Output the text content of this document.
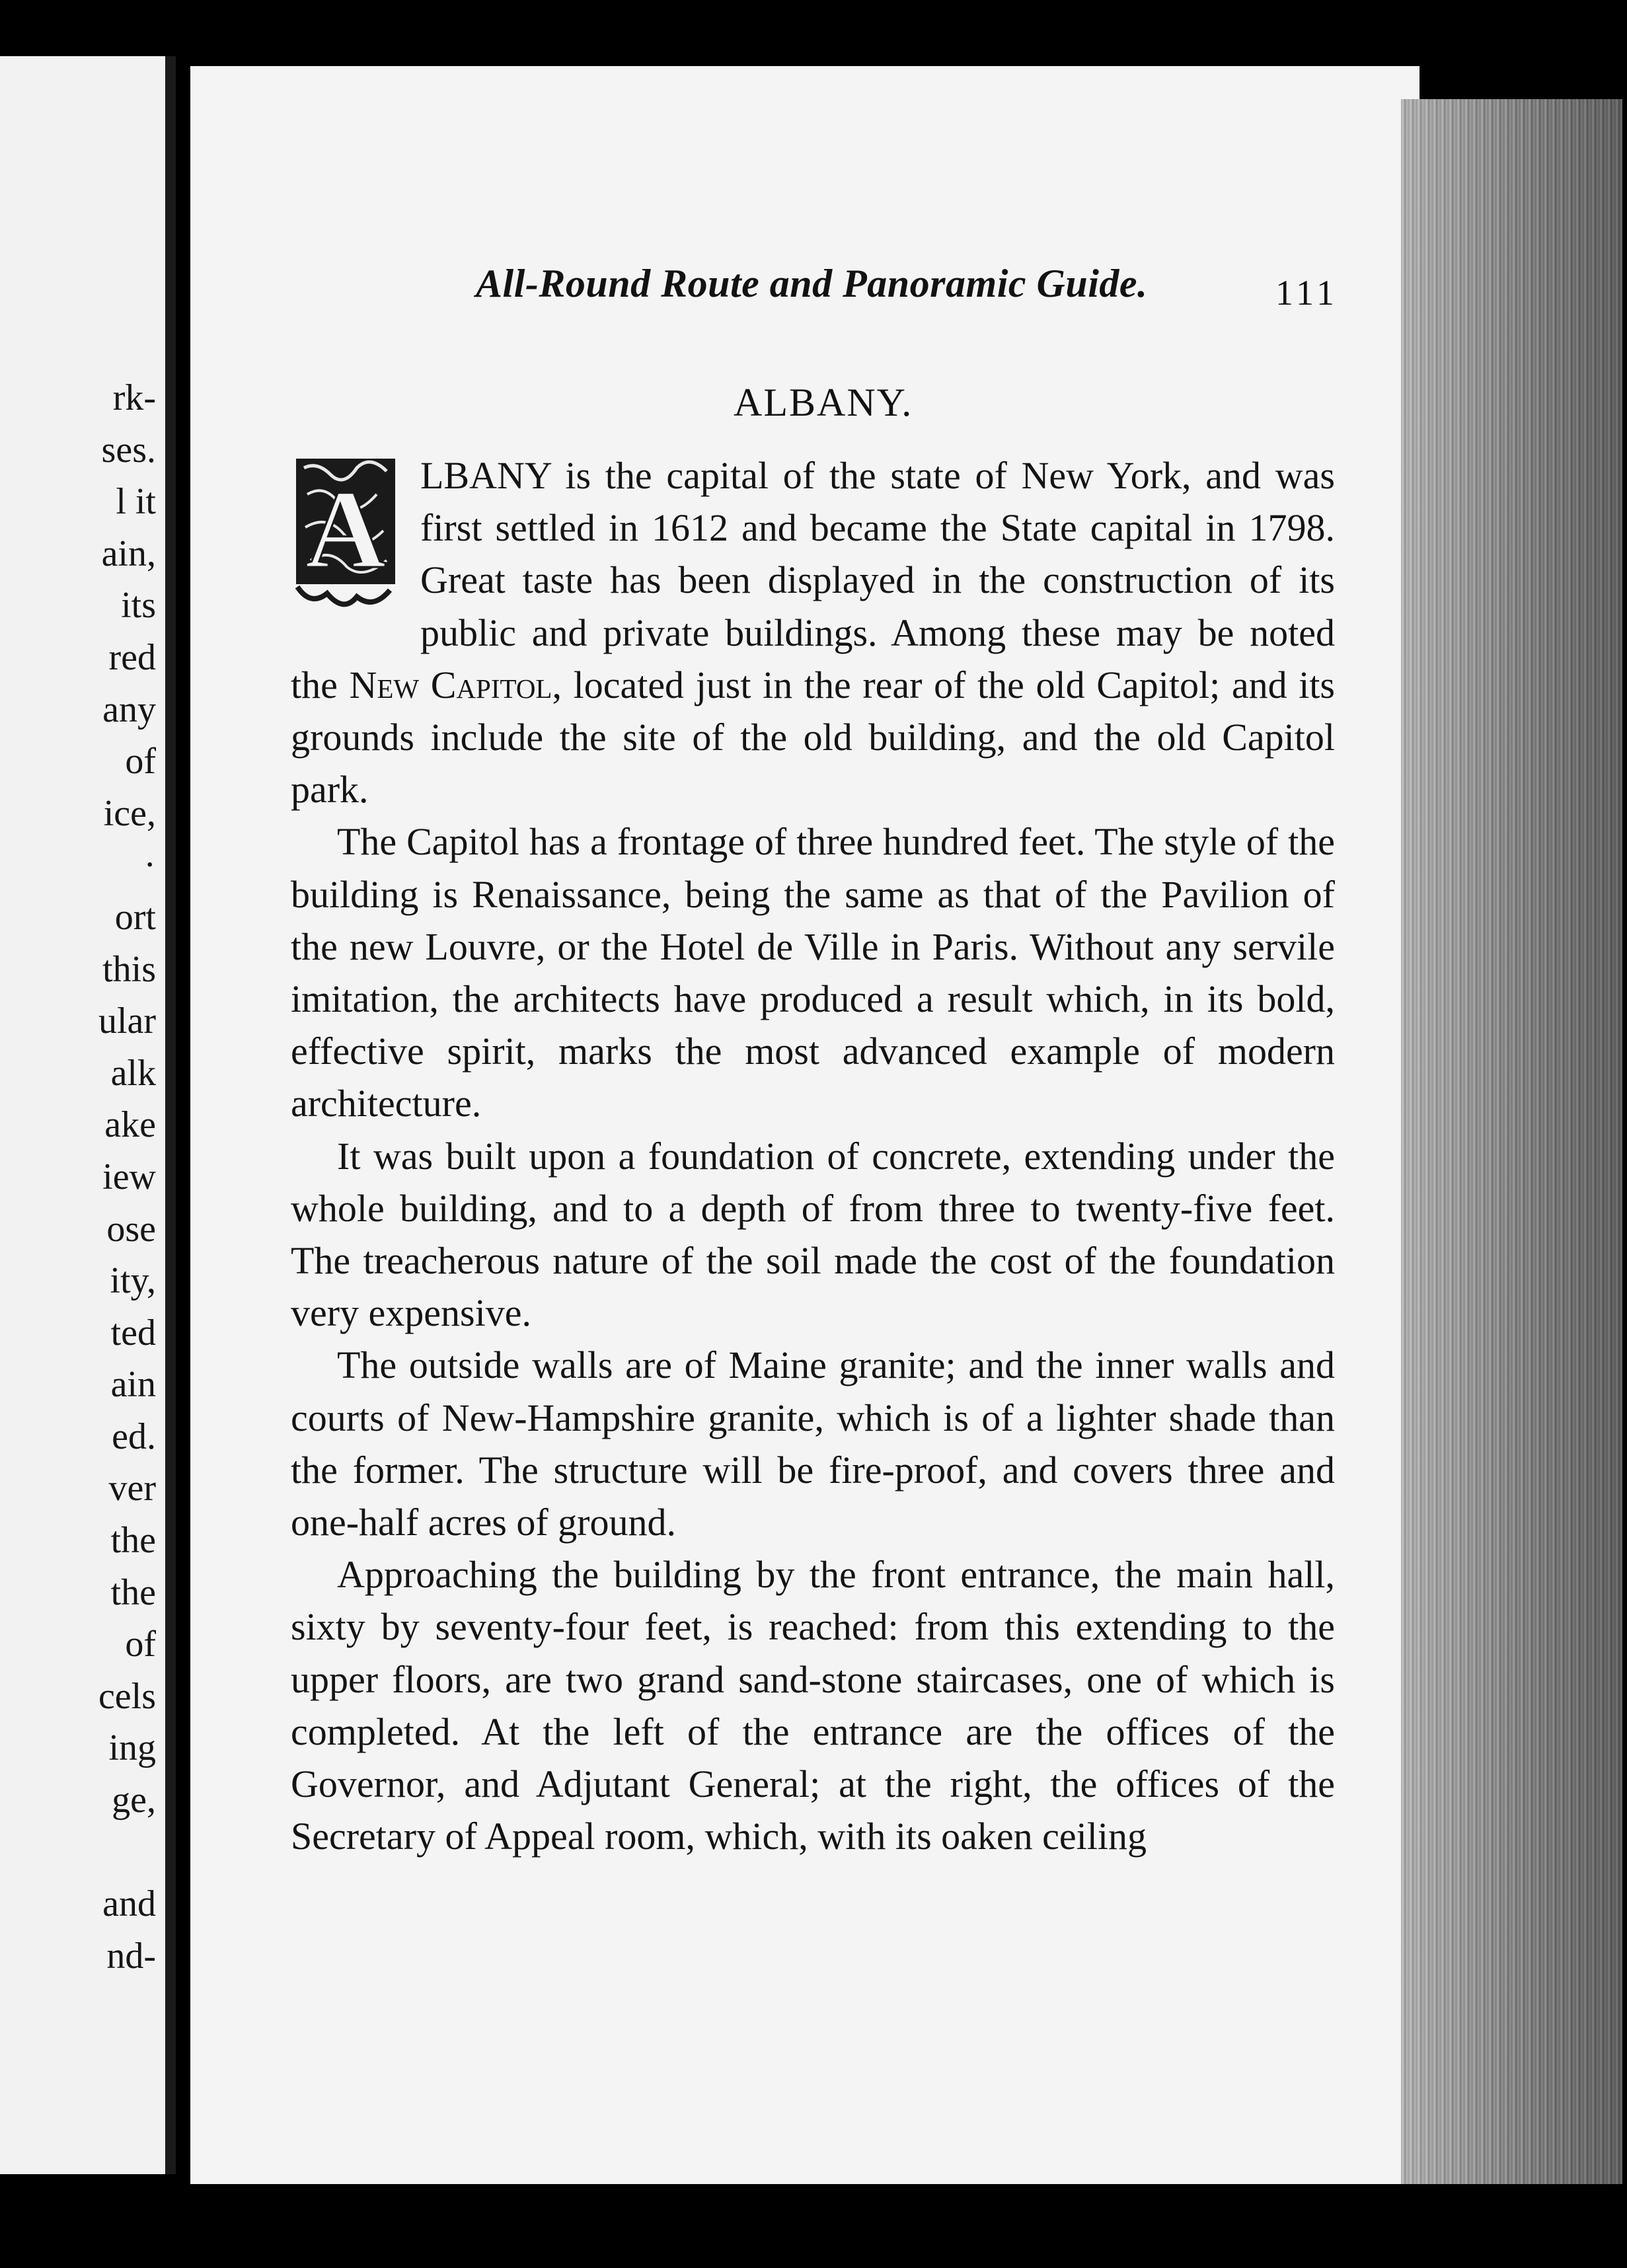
rk-
ses.
l it
ain,
its
red
any
of
ice,
·
ort
this
ular
alk
ake
iew
ose
ity,
ted
ain
ed.
ver
the
the
of
cels
ing
ge,
and
nd-
All-Round Route and Panoramic Guide.	111
ALBANY.

A LBANY is the capital of the state of New York, and was first settled in 1612 and became the State capital in 1798. Great taste has been displayed in the construction of its public and private buildings. Among these may be noted the New Capitol, located just in the rear of the old Capitol; and its grounds include the site of the old building, and the old Capitol park.

The Capitol has a frontage of three hundred feet. The style of the building is Renaissance, being the same as that of the Pavilion of the new Louvre, or the Hotel de Ville in Paris. Without any servile imitation, the architects have produced a result which, in its bold, effective spirit, marks the most advanced example of modern architecture.

It was built upon a foundation of concrete, extending under the whole building, and to a depth of from three to twenty-five feet. The treacherous nature of the soil made the cost of the foundation very expensive.

The outside walls are of Maine granite; and the inner walls and courts of New-Hampshire granite, which is of a lighter shade than the former. The structure will be fire-proof, and covers three and one-half acres of ground.

Approaching the building by the front entrance, the main hall, sixty by seventy-four feet, is reached: from this extending to the upper floors, are two grand sand-stone staircases, one of which is completed. At the left of the entrance are the offices of the Governor, and Adjutant General; at the right, the offices of the Secretary of Appeal room, which, with its oaken ceiling
